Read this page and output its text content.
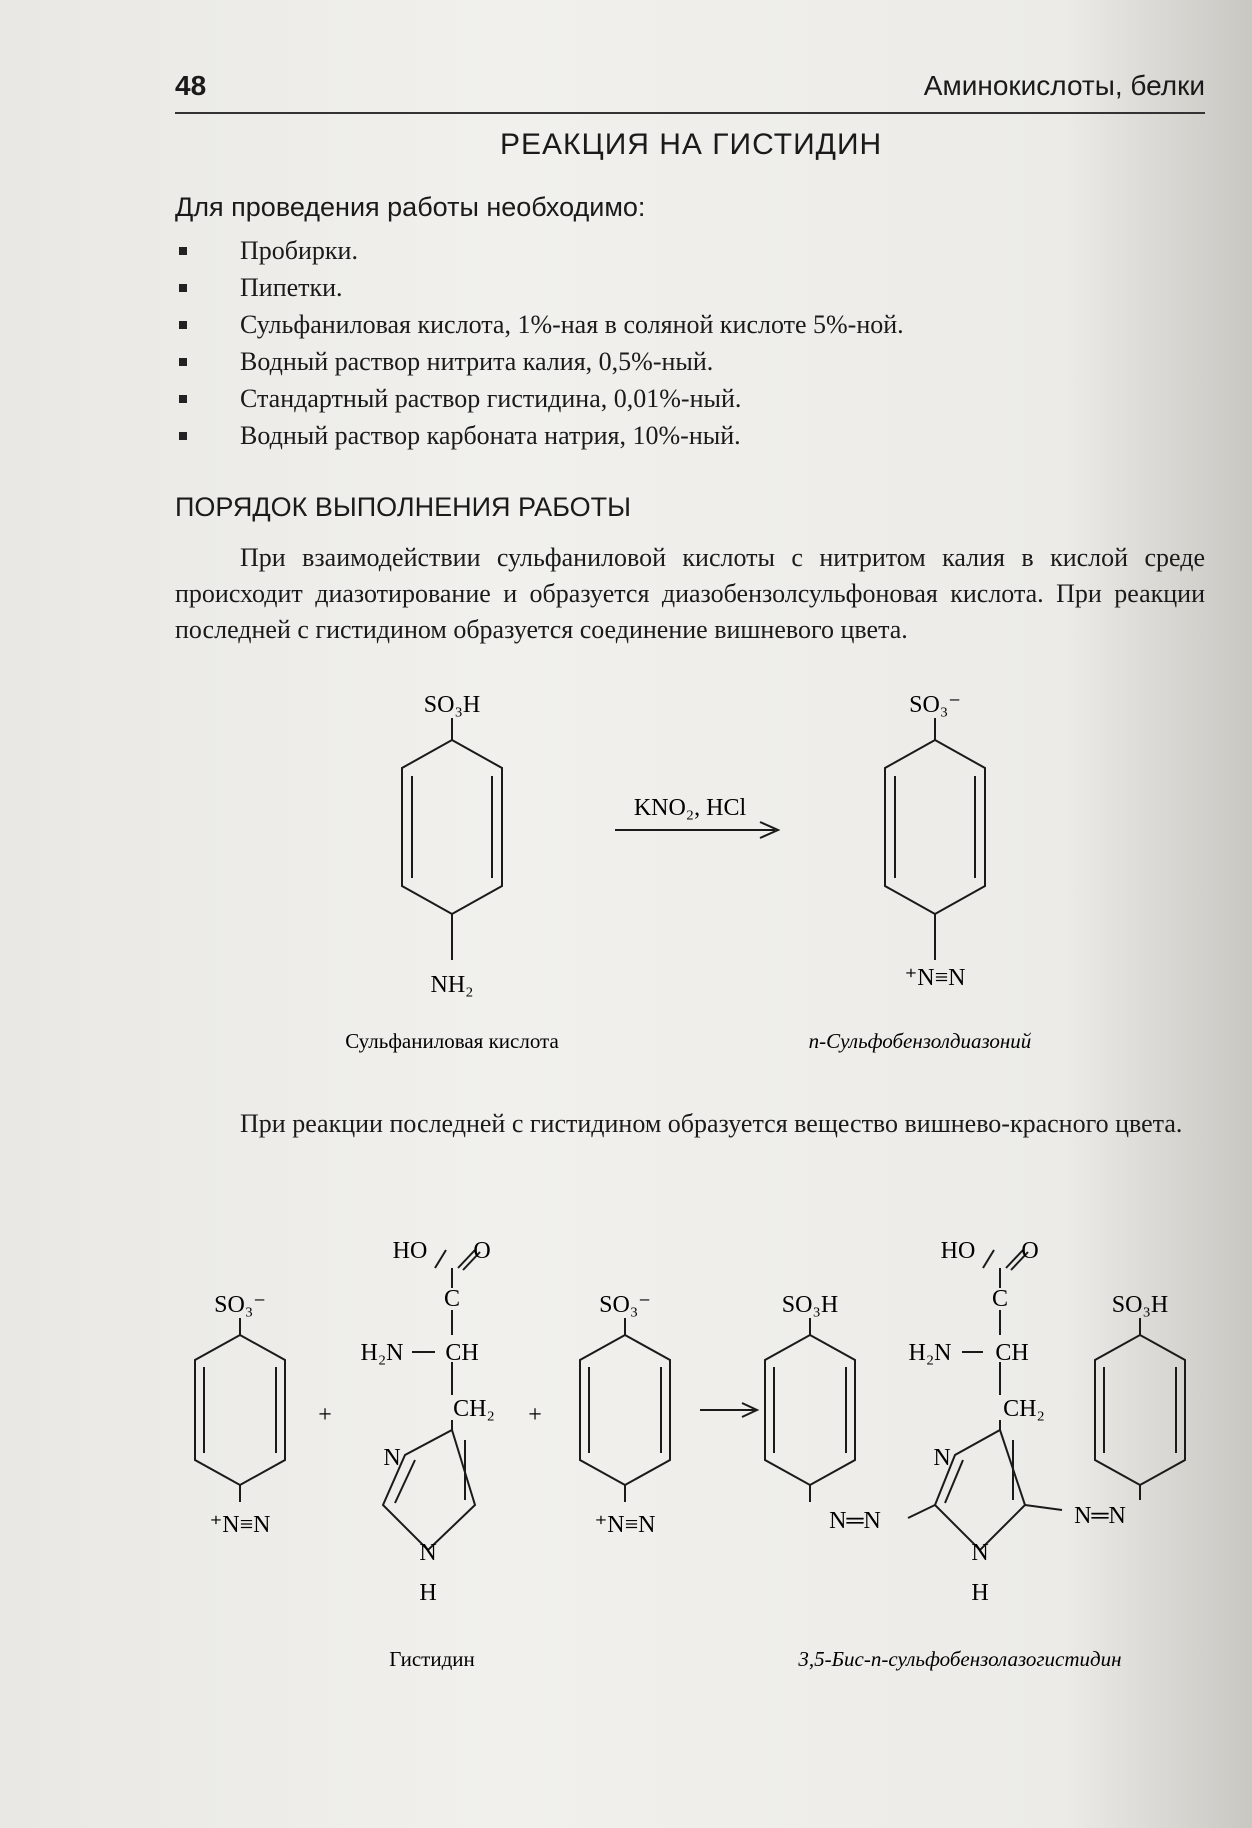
48	Аминокислоты, белки
РЕАКЦИЯ НА ГИСТИДИН
Для проведения работы необходимо:
Пробирки.
Пипетки.
Сульфаниловая кислота, 1%-ная в соляной кислоте 5%-ной.
Водный раствор нитрита калия, 0,5%-ный.
Стандартный раствор гистидина, 0,01%-ный.
Водный раствор карбоната натрия, 10%-ный.
ПОРЯДОК ВЫПОЛНЕНИЯ РАБОТЫ

При взаимодействии сульфаниловой кислоты с нитритом калия в кислой среде происходит диазотирование и образуется диазобензолсульфоновая кислота. При реакции последней с гистидином образуется соединение вишневого цвета.

SO₃H
NH₂
SO₃⁻
⁺N≡N
KNO₂, HCl
Сульфаниловая кислота	n-Сульфобензолдиазоний

При реакции последней с гистидином образуется вещество вишнево-красного цвета.

SO₃⁻
⁺N≡N
+
HO O
C
H₂N CH
CH₂
N
N
H
+
SO₃⁻
⁺N≡N
SO₃H
N═N
HO O
C
H₂N CH
CH₂
N
N
H
N═N
SO₃H
Гистидин	3,5-Бис-n-сульфобензолазогистидин
